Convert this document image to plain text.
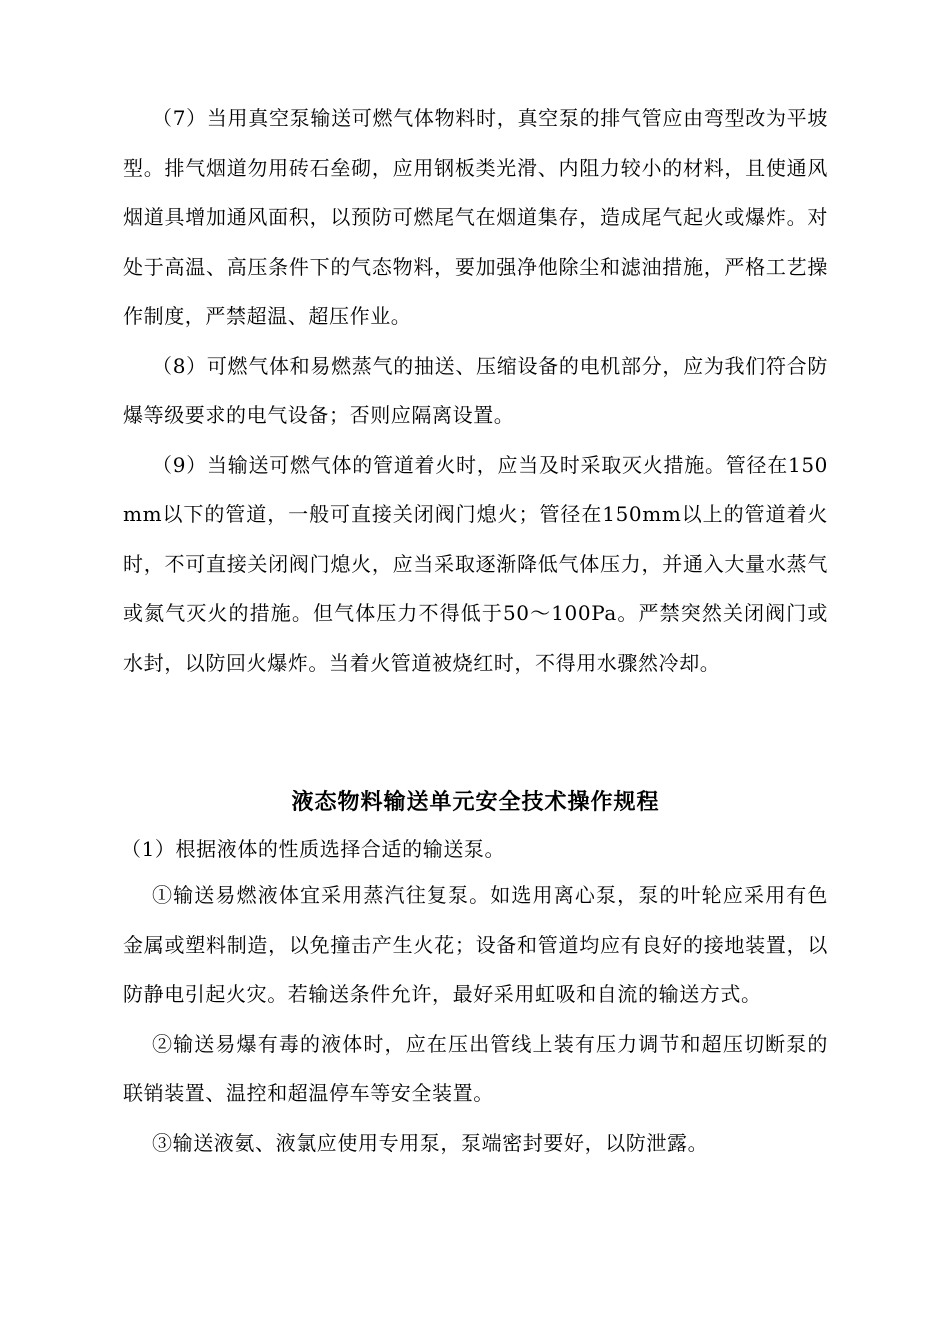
（7）当用真空泵输送可燃气体物料时，真空泵的排气管应由弯型改为平坡型。排气烟道勿用砖石垒砌，应用钢板类光滑、内阻力较小的材料，且使通风烟道具增加通风面积，以预防可燃尾气在烟道集存，造成尾气起火或爆炸。对处于高温、高压条件下的气态物料，要加强净他除尘和滤油措施，严格工艺操作制度，严禁超温、超压作业。

（8）可燃气体和易燃蒸气的抽送、压缩设备的电机部分，应为我们符合防爆等级要求的电气设备；否则应隔离设置。

（9）当输送可燃气体的管道着火时，应当及时采取灭火措施。管径在150mm以下的管道，一般可直接关闭阀门熄火；管径在150mm以上的管道着火时，不可直接关闭阀门熄火，应当采取逐渐降低气体压力，并通入大量水蒸气或氮气灭火的措施。但气体压力不得低于50～100Pa。严禁突然关闭阀门或水封，以防回火爆炸。当着火管道被烧红时，不得用水骤然冷却。

液态物料输送单元安全技术操作规程

（1）根据液体的性质选择合适的输送泵。

①输送易燃液体宜采用蒸汽往复泵。如选用离心泵，泵的叶轮应采用有色金属或塑料制造，以免撞击产生火花；设备和管道均应有良好的接地装置，以防静电引起火灾。若输送条件允许，最好采用虹吸和自流的输送方式。

②输送易爆有毒的液体时，应在压出管线上装有压力调节和超压切断泵的联销装置、温控和超温停车等安全装置。

③输送液氨、液氯应使用专用泵，泵端密封要好，以防泄露。
